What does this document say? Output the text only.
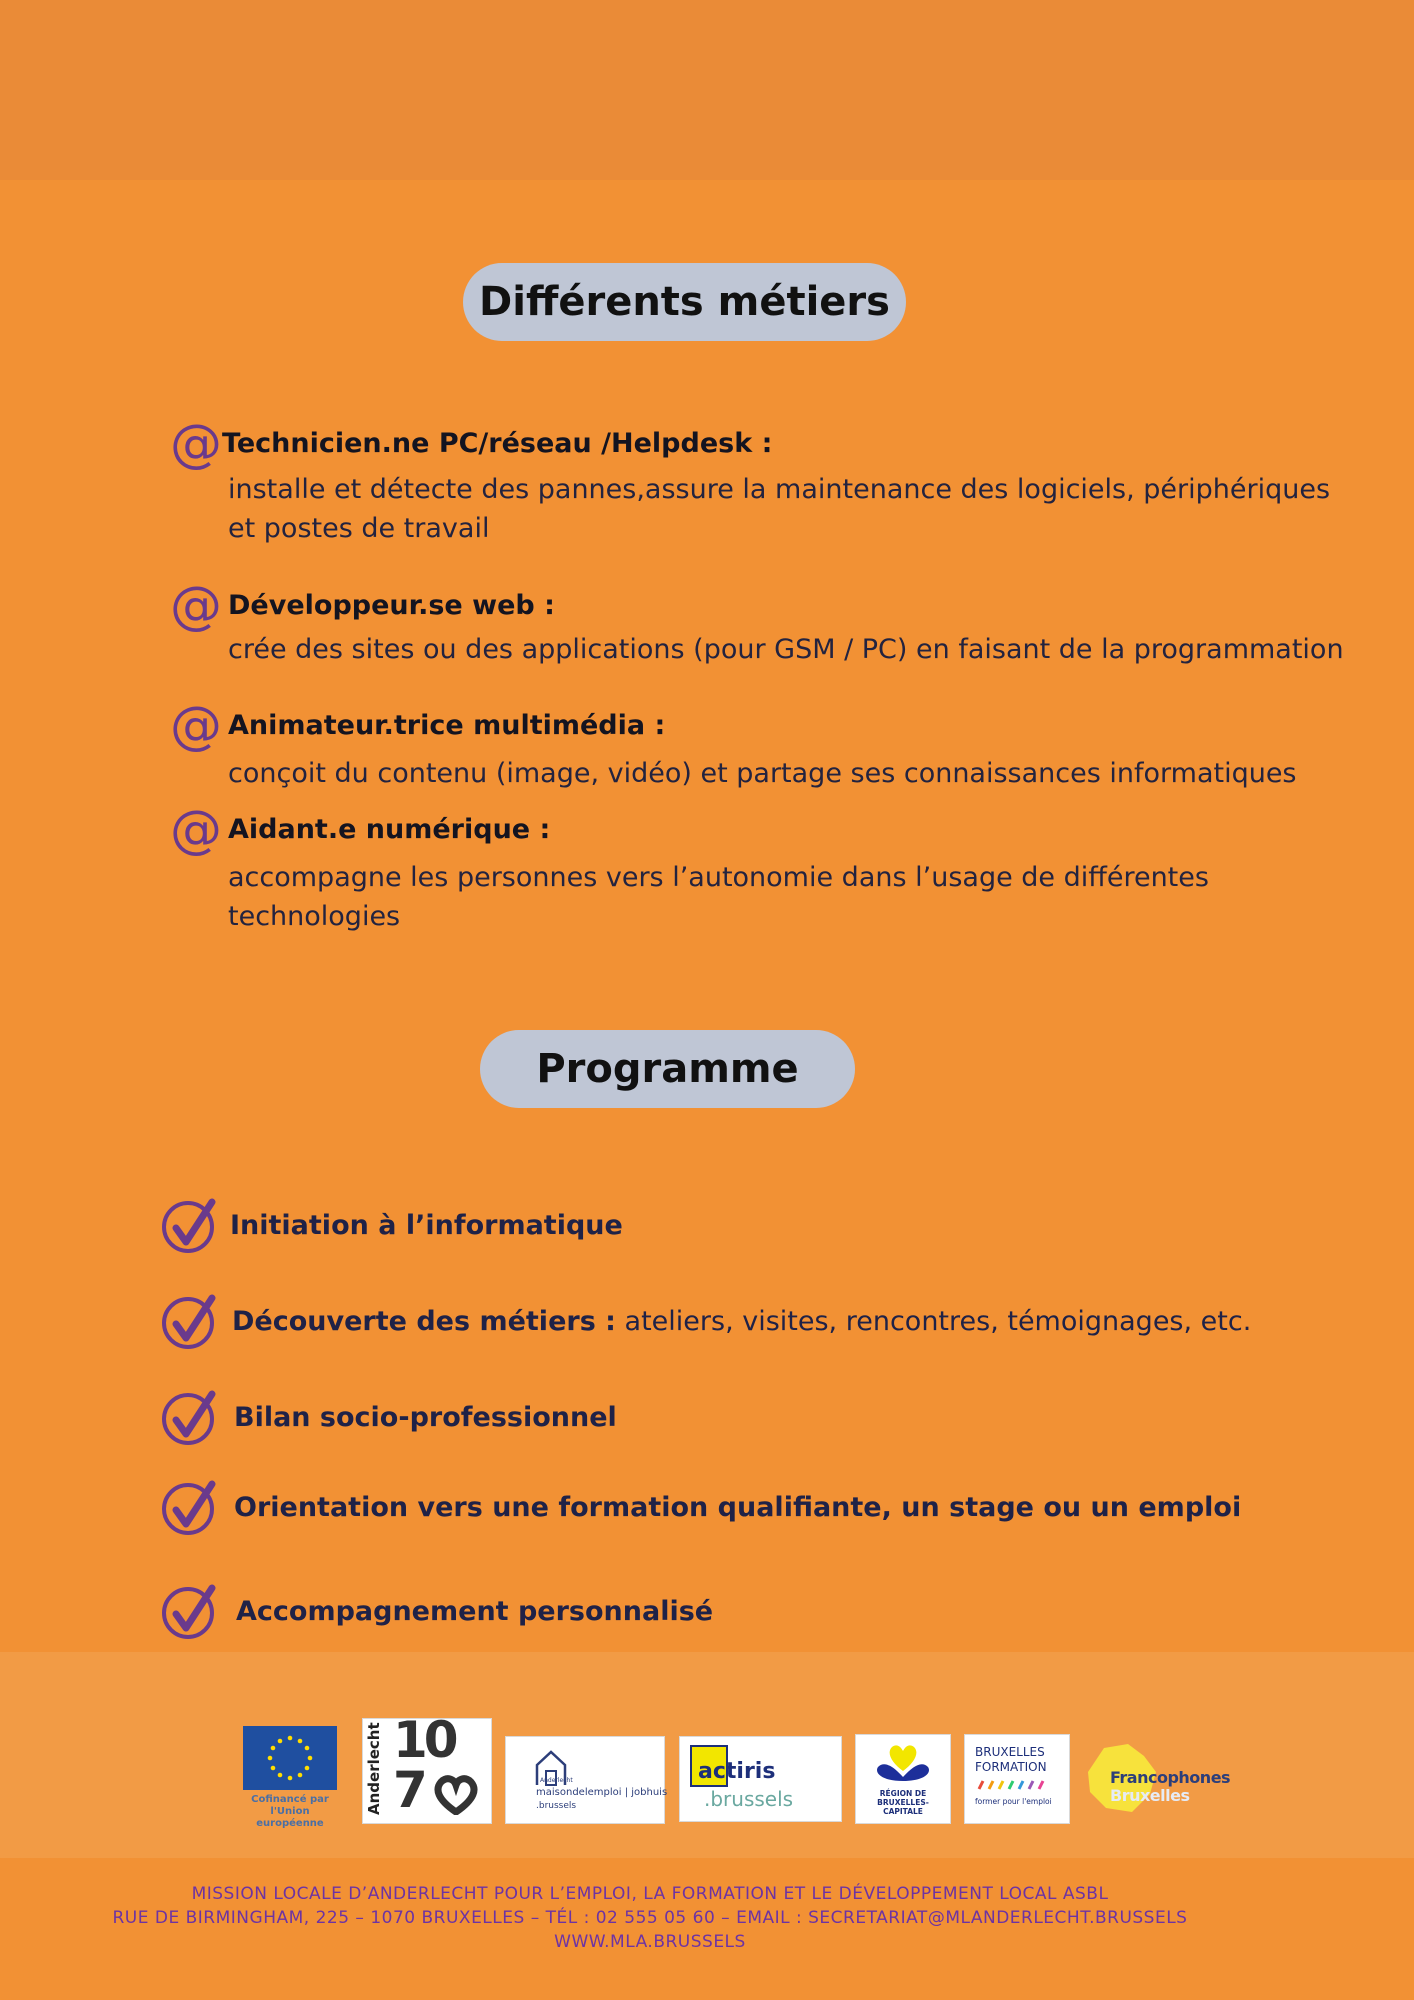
Différents métiers
@ Technicien.ne PC/réseau /Helpdesk :
installe et détecte des pannes,assure la maintenance des logiciels, périphériques
et postes de travail
@ Développeur.se web :
crée des sites ou des applications (pour GSM / PC) en faisant de la programmation
@ Animateur.trice multimédia :
conçoit du contenu (image, vidéo) et partage ses connaissances informatiques
@ Aidant.e numérique :
accompagne les personnes vers l’autonomie dans l’usage de différentes technologies
Programme
Initiation à l’informatique
Découverte des métiers : ateliers, visites, rencontres, témoignages, etc.
Bilan socio-professionnel
Orientation vers une formation qualifiante, un stage ou un emploi
Accompagnement personnalisé
Cofinancé par
l'Union européenne
Anderlecht 10
7	Anderlecht
maisondelemploi | jobhuis
.brussels
actiris
.brussels	RÉGION DE
BRUXELLES-
CAPITALE
BRUXELLES
FORMATION
former pour l'emploi
Francophones
Bruxelles
MISSION LOCALE D’ANDERLECHT POUR L’EMPLOI, LA FORMATION ET LE DÉVELOPPEMENT LOCAL ASBL
RUE DE BIRMINGHAM, 225 – 1070 BRUXELLES – TÉL : 02 555 05 60 – EMAIL : SECRETARIAT@MLANDERLECHT.BRUSSELS
WWW.MLA.BRUSSELS
